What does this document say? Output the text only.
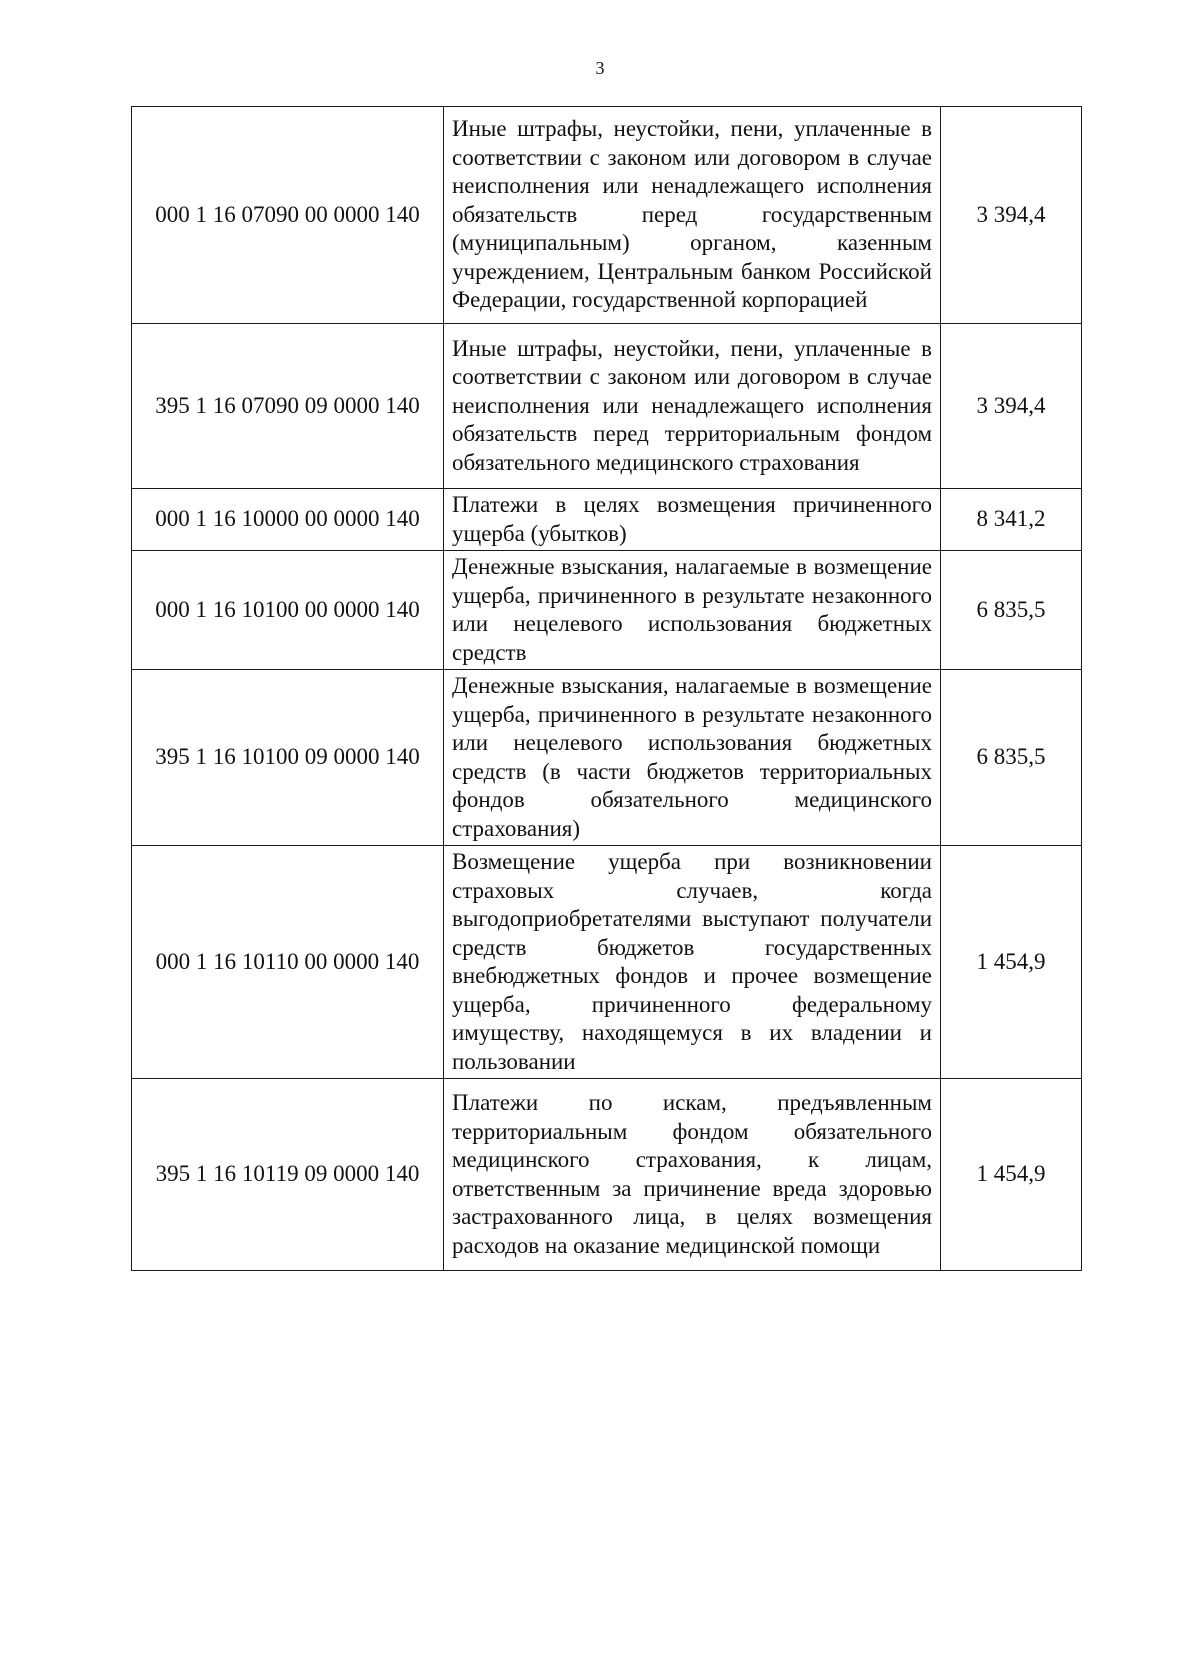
3
000 1 16 07090 00 0000 140	Иные штрафы, неустойки, пени, уплаченные в соответствии с законом или договором в случае неисполнения или ненадлежащего исполнения обязательств перед государственным (муниципальным) органом, казенным учреждением, Центральным банком Российской Федерации, государственной корпорацией	3 394,4
395 1 16 07090 09 0000 140	Иные штрафы, неустойки, пени, уплаченные в соответствии с законом или договором в случае неисполнения или ненадлежащего исполнения обязательств перед территориальным фондом обязательного медицинского страхования	3 394,4
000 1 16 10000 00 0000 140	Платежи в целях возмещения причиненного ущерба (убытков)	8 341,2
000 1 16 10100 00 0000 140	Денежные взыскания, налагаемые в возмещение ущерба, причиненного в результате незаконного или нецелевого использования бюджетных средств	6 835,5
395 1 16 10100 09 0000 140	Денежные взыскания, налагаемые в возмещение ущерба, причиненного в результате незаконного или нецелевого использования бюджетных средств (в части бюджетов территориальных фондов обязательного медицинского страхования)	6 835,5
000 1 16 10110 00 0000 140	Возмещение ущерба при возникновении страховых случаев, когда выгодоприобретателями выступают получатели средств бюджетов государственных внебюджетных фондов и прочее возмещение ущерба, причиненного федеральному имуществу, находящемуся в их владении и пользовании	1 454,9
395 1 16 10119 09 0000 140	Платежи по искам, предъявленным территориальным фондом обязательного медицинского страхования, к лицам, ответственным за причинение вреда здоровью застрахованного лица, в целях возмещения расходов на оказание медицинской помощи	1 454,9
